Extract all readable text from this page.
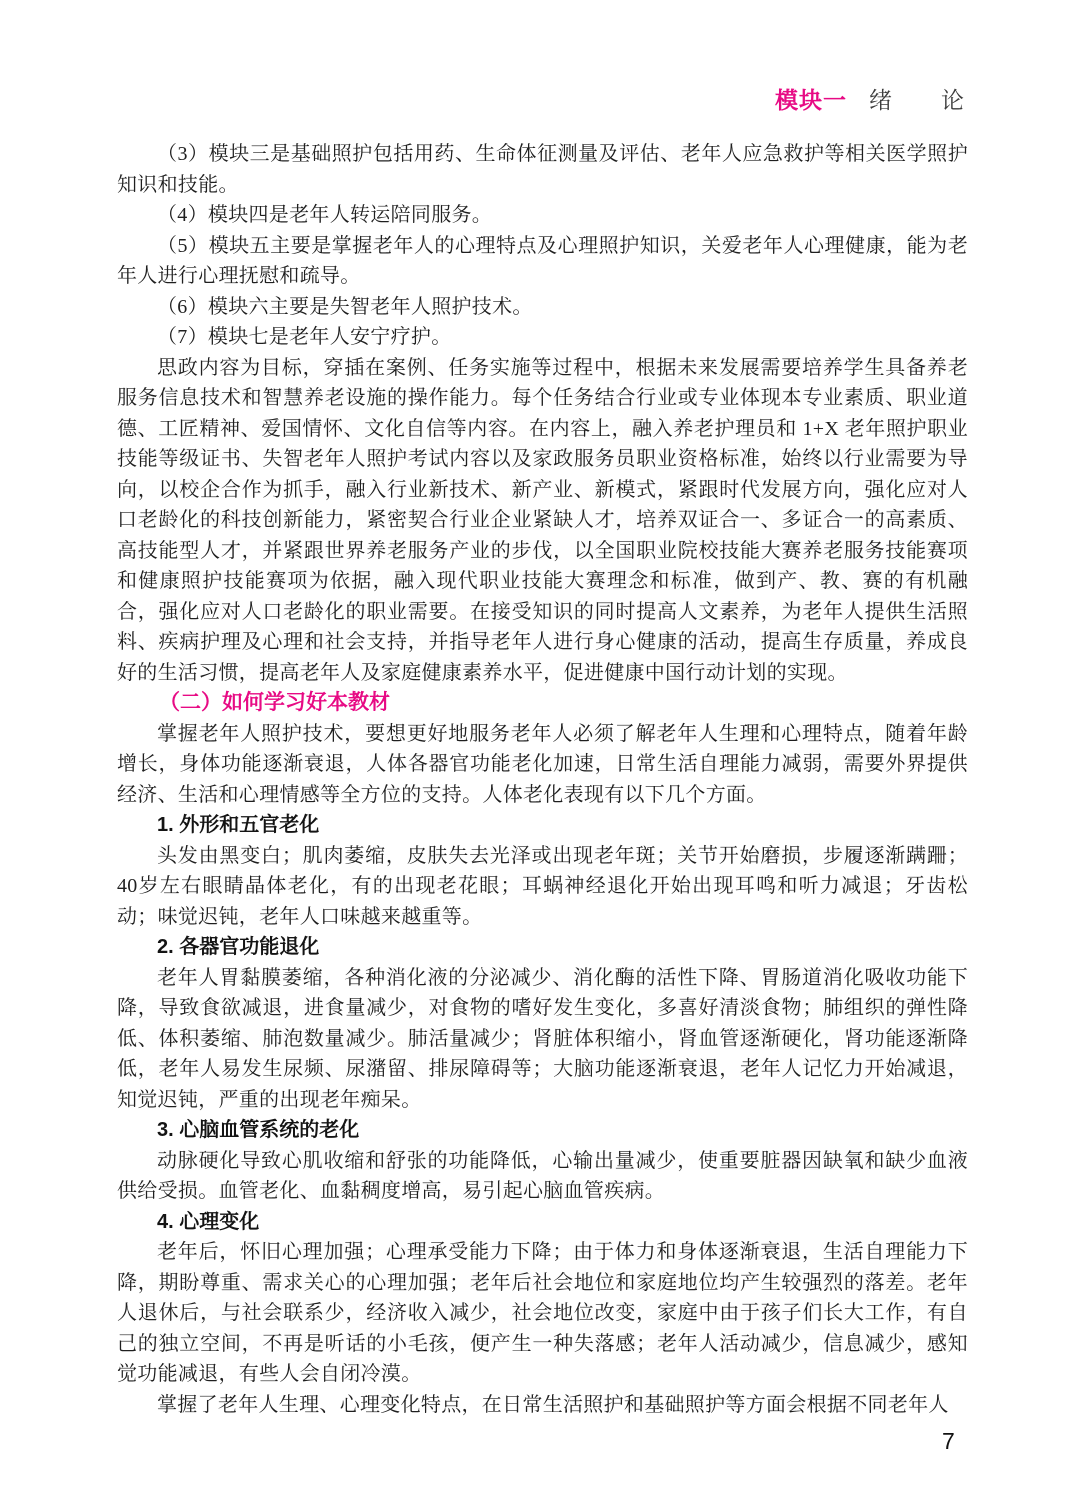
模块一 绪　　论

（3）模块三是基础照护包括用药、生命体征测量及评估、老年人应急救护等相关医学照护知识和技能。

（4）模块四是老年人转运陪同服务。

（5）模块五主要是掌握老年人的心理特点及心理照护知识，关爱老年人心理健康，能为老年人进行心理抚慰和疏导。

（6）模块六主要是失智老年人照护技术。

（7）模块七是老年人安宁疗护。

思政内容为目标，穿插在案例、任务实施等过程中，根据未来发展需要培养学生具备养老服务信息技术和智慧养老设施的操作能力。每个任务结合行业或专业体现本专业素质、职业道德、工匠精神、爱国情怀、文化自信等内容。在内容上，融入养老护理员和 1+X 老年照护职业技能等级证书、失智老年人照护考试内容以及家政服务员职业资格标准，始终以行业需要为导向，以校企合作为抓手，融入行业新技术、新产业、新模式，紧跟时代发展方向，强化应对人口老龄化的科技创新能力，紧密契合行业企业紧缺人才，培养双证合一、多证合一的高素质、高技能型人才，并紧跟世界养老服务产业的步伐，以全国职业院校技能大赛养老服务技能赛项和健康照护技能赛项为依据，融入现代职业技能大赛理念和标准，做到产、教、赛的有机融合，强化应对人口老龄化的职业需要。在接受知识的同时提高人文素养，为老年人提供生活照料、疾病护理及心理和社会支持，并指导老年人进行身心健康的活动，提高生存质量，养成良好的生活习惯，提高老年人及家庭健康素养水平，促进健康中国行动计划的实现。

（二）如何学习好本教材

掌握老年人照护技术，要想更好地服务老年人必须了解老年人生理和心理特点，随着年龄增长，身体功能逐渐衰退，人体各器官功能老化加速，日常生活自理能力减弱，需要外界提供经济、生活和心理情感等全方位的支持。人体老化表现有以下几个方面。

1. 外形和五官老化

头发由黑变白；肌肉萎缩，皮肤失去光泽或出现老年斑；关节开始磨损，步履逐渐蹒跚；40岁左右眼睛晶体老化，有的出现老花眼；耳蜗神经退化开始出现耳鸣和听力减退；牙齿松动；味觉迟钝，老年人口味越来越重等。

2. 各器官功能退化

老年人胃黏膜萎缩，各种消化液的分泌减少、消化酶的活性下降、胃肠道消化吸收功能下降，导致食欲减退，进食量减少，对食物的嗜好发生变化，多喜好清淡食物；肺组织的弹性降低、体积萎缩、肺泡数量减少。肺活量减少；肾脏体积缩小，肾血管逐渐硬化，肾功能逐渐降低，老年人易发生尿频、尿潴留、排尿障碍等；大脑功能逐渐衰退，老年人记忆力开始减退，知觉迟钝，严重的出现老年痴呆。

3. 心脑血管系统的老化

动脉硬化导致心肌收缩和舒张的功能降低，心输出量减少，使重要脏器因缺氧和缺少血液供给受损。血管老化、血黏稠度增高，易引起心脑血管疾病。

4. 心理变化

老年后，怀旧心理加强；心理承受能力下降；由于体力和身体逐渐衰退，生活自理能力下降，期盼尊重、需求关心的心理加强；老年后社会地位和家庭地位均产生较强烈的落差。老年人退休后，与社会联系少，经济收入减少，社会地位改变，家庭中由于孩子们长大工作，有自己的独立空间，不再是听话的小毛孩，便产生一种失落感；老年人活动减少，信息减少，感知觉功能减退，有些人会自闭冷漠。

掌握了老年人生理、心理变化特点，在日常生活照护和基础照护等方面会根据不同老年人

7
